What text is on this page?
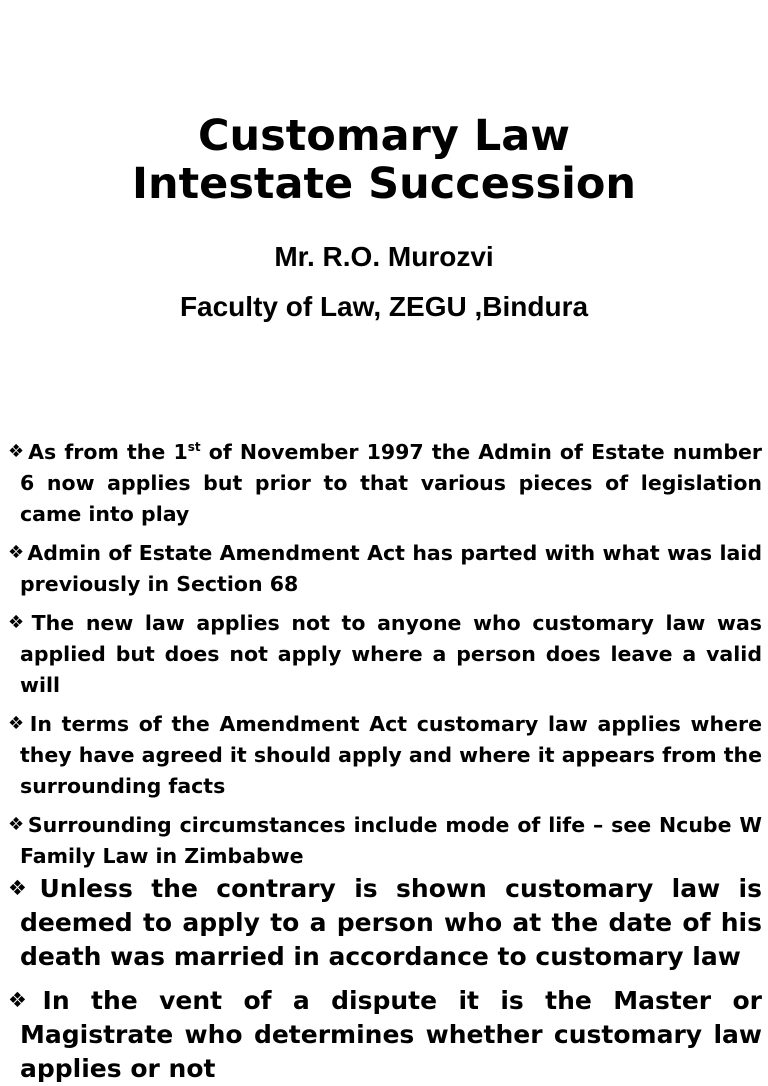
Customary Law
Intestate Succession
Mr. R.O. Murozvi
Faculty of Law, ZEGU ,Bindura
❖ As from the 1st of November 1997 the Admin of Estate number 6 now applies but prior to that various pieces of legislation came into play
❖ Admin of Estate Amendment Act has parted with what was laid previously in Section 68
❖ The new law applies not to anyone who customary law was applied but does not apply where a person does leave a valid will
❖ In terms of the Amendment Act customary law applies where they have agreed it should apply and where it appears from the surrounding facts
❖ Surrounding circumstances include mode of life – see Ncube W Family Law in Zimbabwe
❖ Unless the contrary is shown customary law is deemed to apply to a person who at the date of his death was married in accordance to customary law
❖ In the vent of a dispute it is the Master or Magistrate who determines whether customary law applies or not
